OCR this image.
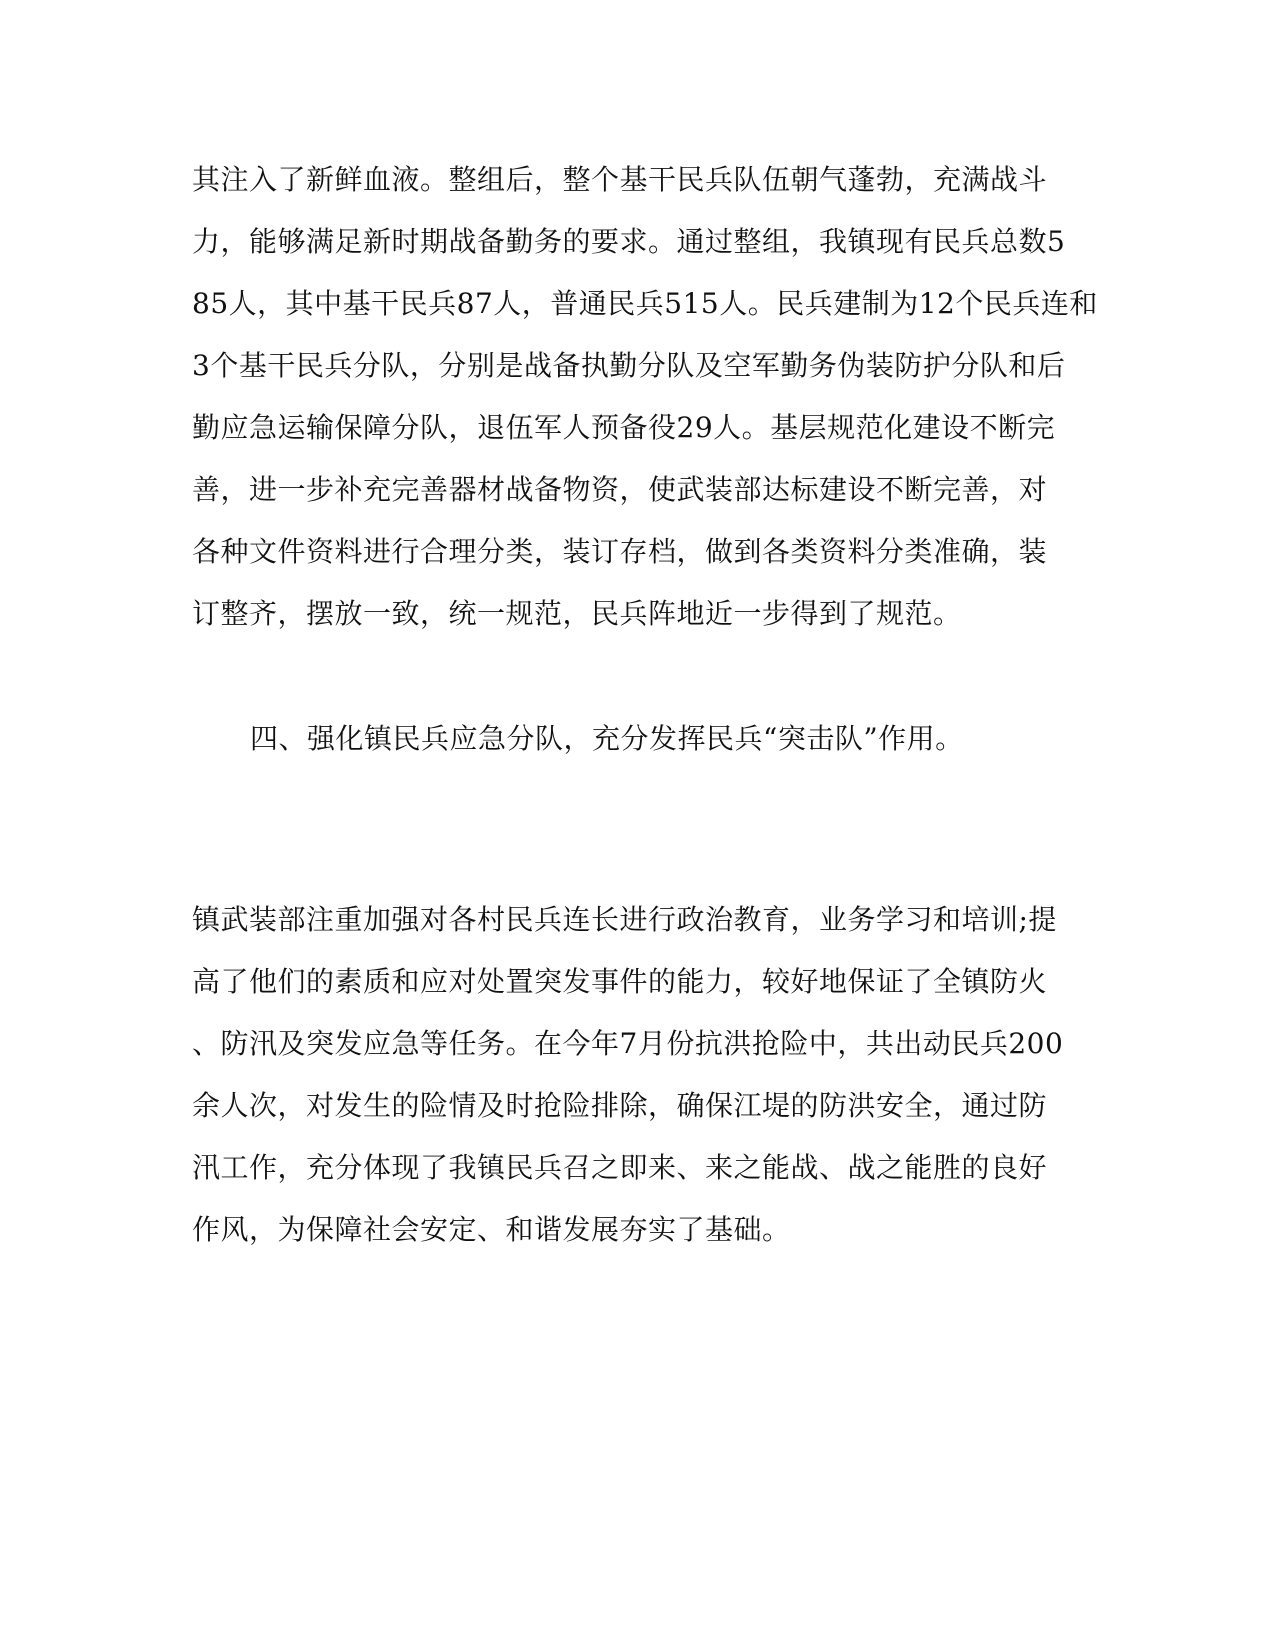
其注入了新鲜血液。整组后，整个基干民兵队伍朝气蓬勃，充满战斗
力，能够满足新时期战备勤务的要求。通过整组，我镇现有民兵总数5
85人，其中基干民兵87人，普通民兵515人。民兵建制为12个民兵连和
3个基干民兵分队，分别是战备执勤分队及空军勤务伪装防护分队和后
勤应急运输保障分队，退伍军人预备役29人。基层规范化建设不断完
善，进一步补充完善器材战备物资，使武装部达标建设不断完善，对
各种文件资料进行合理分类，装订存档，做到各类资料分类准确，装
订整齐，摆放一致，统一规范，民兵阵地近一步得到了规范。
四、强化镇民兵应急分队，充分发挥民兵“突击队”作用。
镇武装部注重加强对各村民兵连长进行政治教育，业务学习和培训;提
高了他们的素质和应对处置突发事件的能力，较好地保证了全镇防火
、防汛及突发应急等任务。在今年7月份抗洪抢险中，共出动民兵200
余人次，对发生的险情及时抢险排除，确保江堤的防洪安全，通过防
汛工作，充分体现了我镇民兵召之即来、来之能战、战之能胜的良好
作风，为保障社会安定、和谐发展夯实了基础。
